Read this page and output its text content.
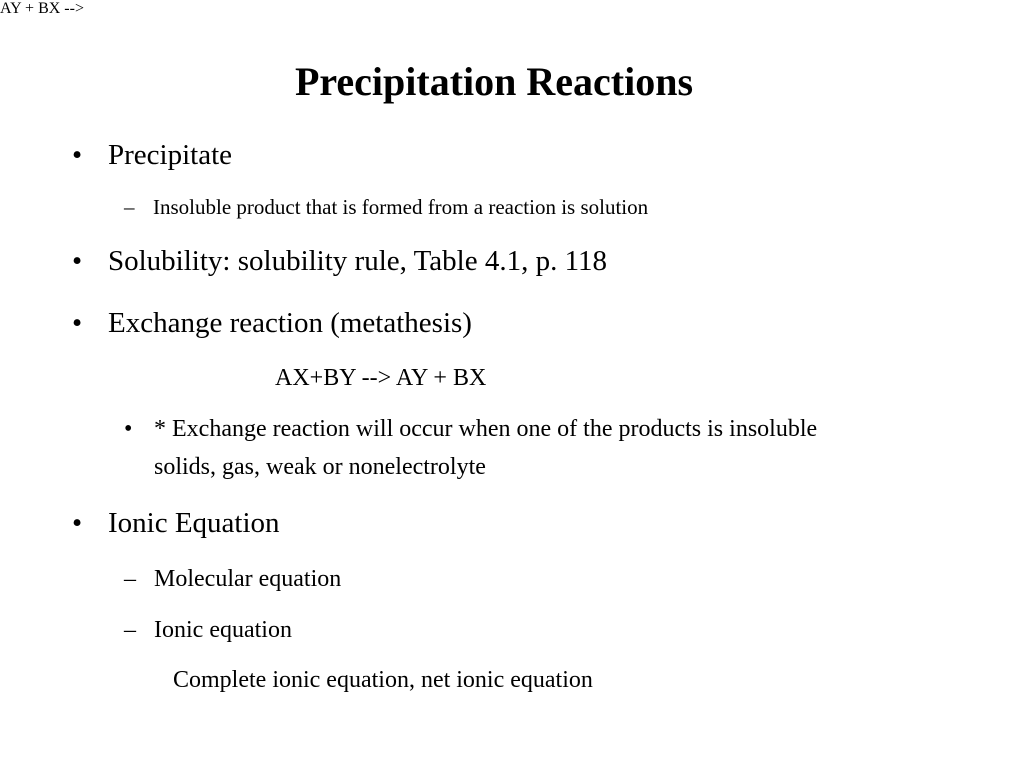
Precipitation Reactions
• Precipitate
– Insoluble product that is formed from a reaction is solution
• Solubility: solubility rule, Table 4.1, p. 118
• Exchange reaction (metathesis)
AY + BX -->
AX+BY --> AY + BX
• * Exchange reaction will occur when one of the products is insoluble
solids, gas, weak or nonelectrolyte
• Ionic Equation
– Molecular equation
– Ionic equation
Complete ionic equation, net ionic equation
